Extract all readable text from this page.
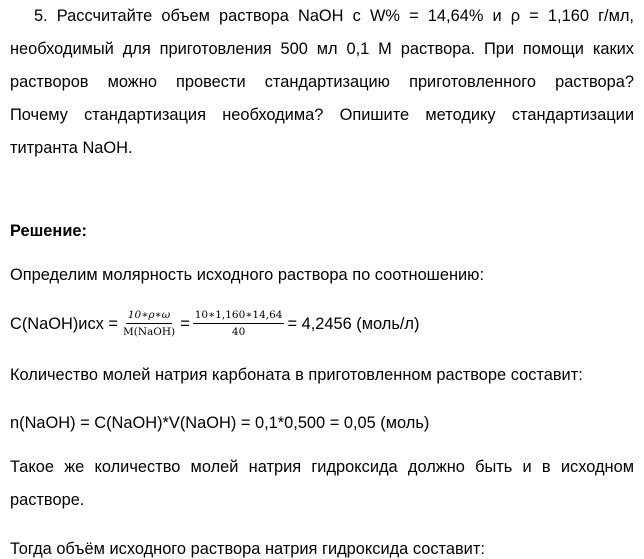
5. Рассчитайте объем раствора NaOH с W% = 14,64% и ρ = 1,160 г/мл,
необходимый для приготовления 500 мл 0,1 М раствора. При помощи каких
растворов можно провести стандартизацию приготовленного раствора?
Почему стандартизация необходима? Опишите методику стандартизации
титранта NaOH.

Решение:

Определим молярность исходного раствора по соотношению:

C(NaOH)исх = $\frac{10∗\rho∗\omega}{\text{M(NaOH)}} = \frac{10∗1,160∗14,64}{40} = 4,2456$ (моль/л)

Количество молей натрия карбоната в приготовленном растворе составит:

n(NaOH) = C(NaOH)*V(NaOH) = 0,1*0,500 = 0,05 (моль)

Такое же количество молей натрия гидроксида должно быть и в исходном
растворе.

Тогда объём исходного раствора натрия гидроксида составит:
